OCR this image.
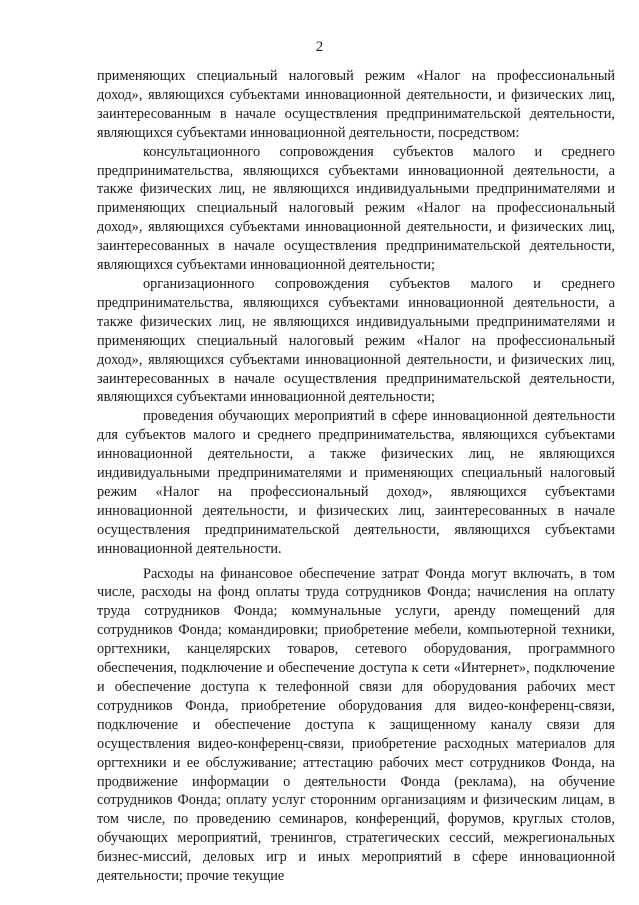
2

применяющих специальный налоговый режим «Налог на профессиональный доход», являющихся субъектами инновационной деятельности, и физических лиц, заинтересованным в начале осуществления предпринимательской деятельности, являющихся субъектами инновационной деятельности, посредством:

консультационного сопровождения субъектов малого и среднего предпринимательства, являющихся субъектами инновационной деятельности, а также физических лиц, не являющихся индивидуальными предпринимателями и применяющих специальный налоговый режим «Налог на профессиональный доход», являющихся субъектами инновационной деятельности, и физических лиц, заинтересованных в начале осуществления предпринимательской деятельности, являющихся субъектами инновационной деятельности;

организационного сопровождения субъектов малого и среднего предпринимательства, являющихся субъектами инновационной деятельности, а также физических лиц, не являющихся индивидуальными предпринимателями и применяющих специальный налоговый режим «Налог на профессиональный доход», являющихся субъектами инновационной деятельности, и физических лиц, заинтересованных в начале осуществления предпринимательской деятельности, являющихся субъектами инновационной деятельности;

проведения обучающих мероприятий в сфере инновационной деятельности для субъектов малого и среднего предпринимательства, являющихся субъектами инновационной деятельности, а также физических лиц, не являющихся индивидуальными предпринимателями и применяющих специальный налоговый режим «Налог на профессиональный доход», являющихся субъектами инновационной деятельности, и физических лиц, заинтересованных в начале осуществления предпринимательской деятельности, являющихся субъектами инновационной деятельности.

Расходы на финансовое обеспечение затрат Фонда могут включать, в том числе, расходы на фонд оплаты труда сотрудников Фонда; начисления на оплату труда сотрудников Фонда; коммунальные услуги, аренду помещений для сотрудников Фонда; командировки; приобретение мебели, компьютерной техники, оргтехники, канцелярских товаров, сетевого оборудования, программного обеспечения, подключение и обеспечение доступа к сети «Интернет», подключение и обеспечение доступа к телефонной связи для оборудования рабочих мест сотрудников Фонда, приобретение оборудования для видео-конференц-связи, подключение и обеспечение доступа к защищенному каналу связи для осуществления видео-конференц-связи, приобретение расходных материалов для оргтехники и ее обслуживание; аттестацию рабочих мест сотрудников Фонда, на продвижение информации о деятельности Фонда (реклама), на обучение сотрудников Фонда; оплату услуг сторонним организациям и физическим лицам, в том числе, по проведению семинаров, конференций, форумов, круглых столов, обучающих мероприятий, тренингов, стратегических сессий, межрегиональных бизнес-миссий, деловых игр и иных мероприятий в сфере инновационной деятельности; прочие текущие
